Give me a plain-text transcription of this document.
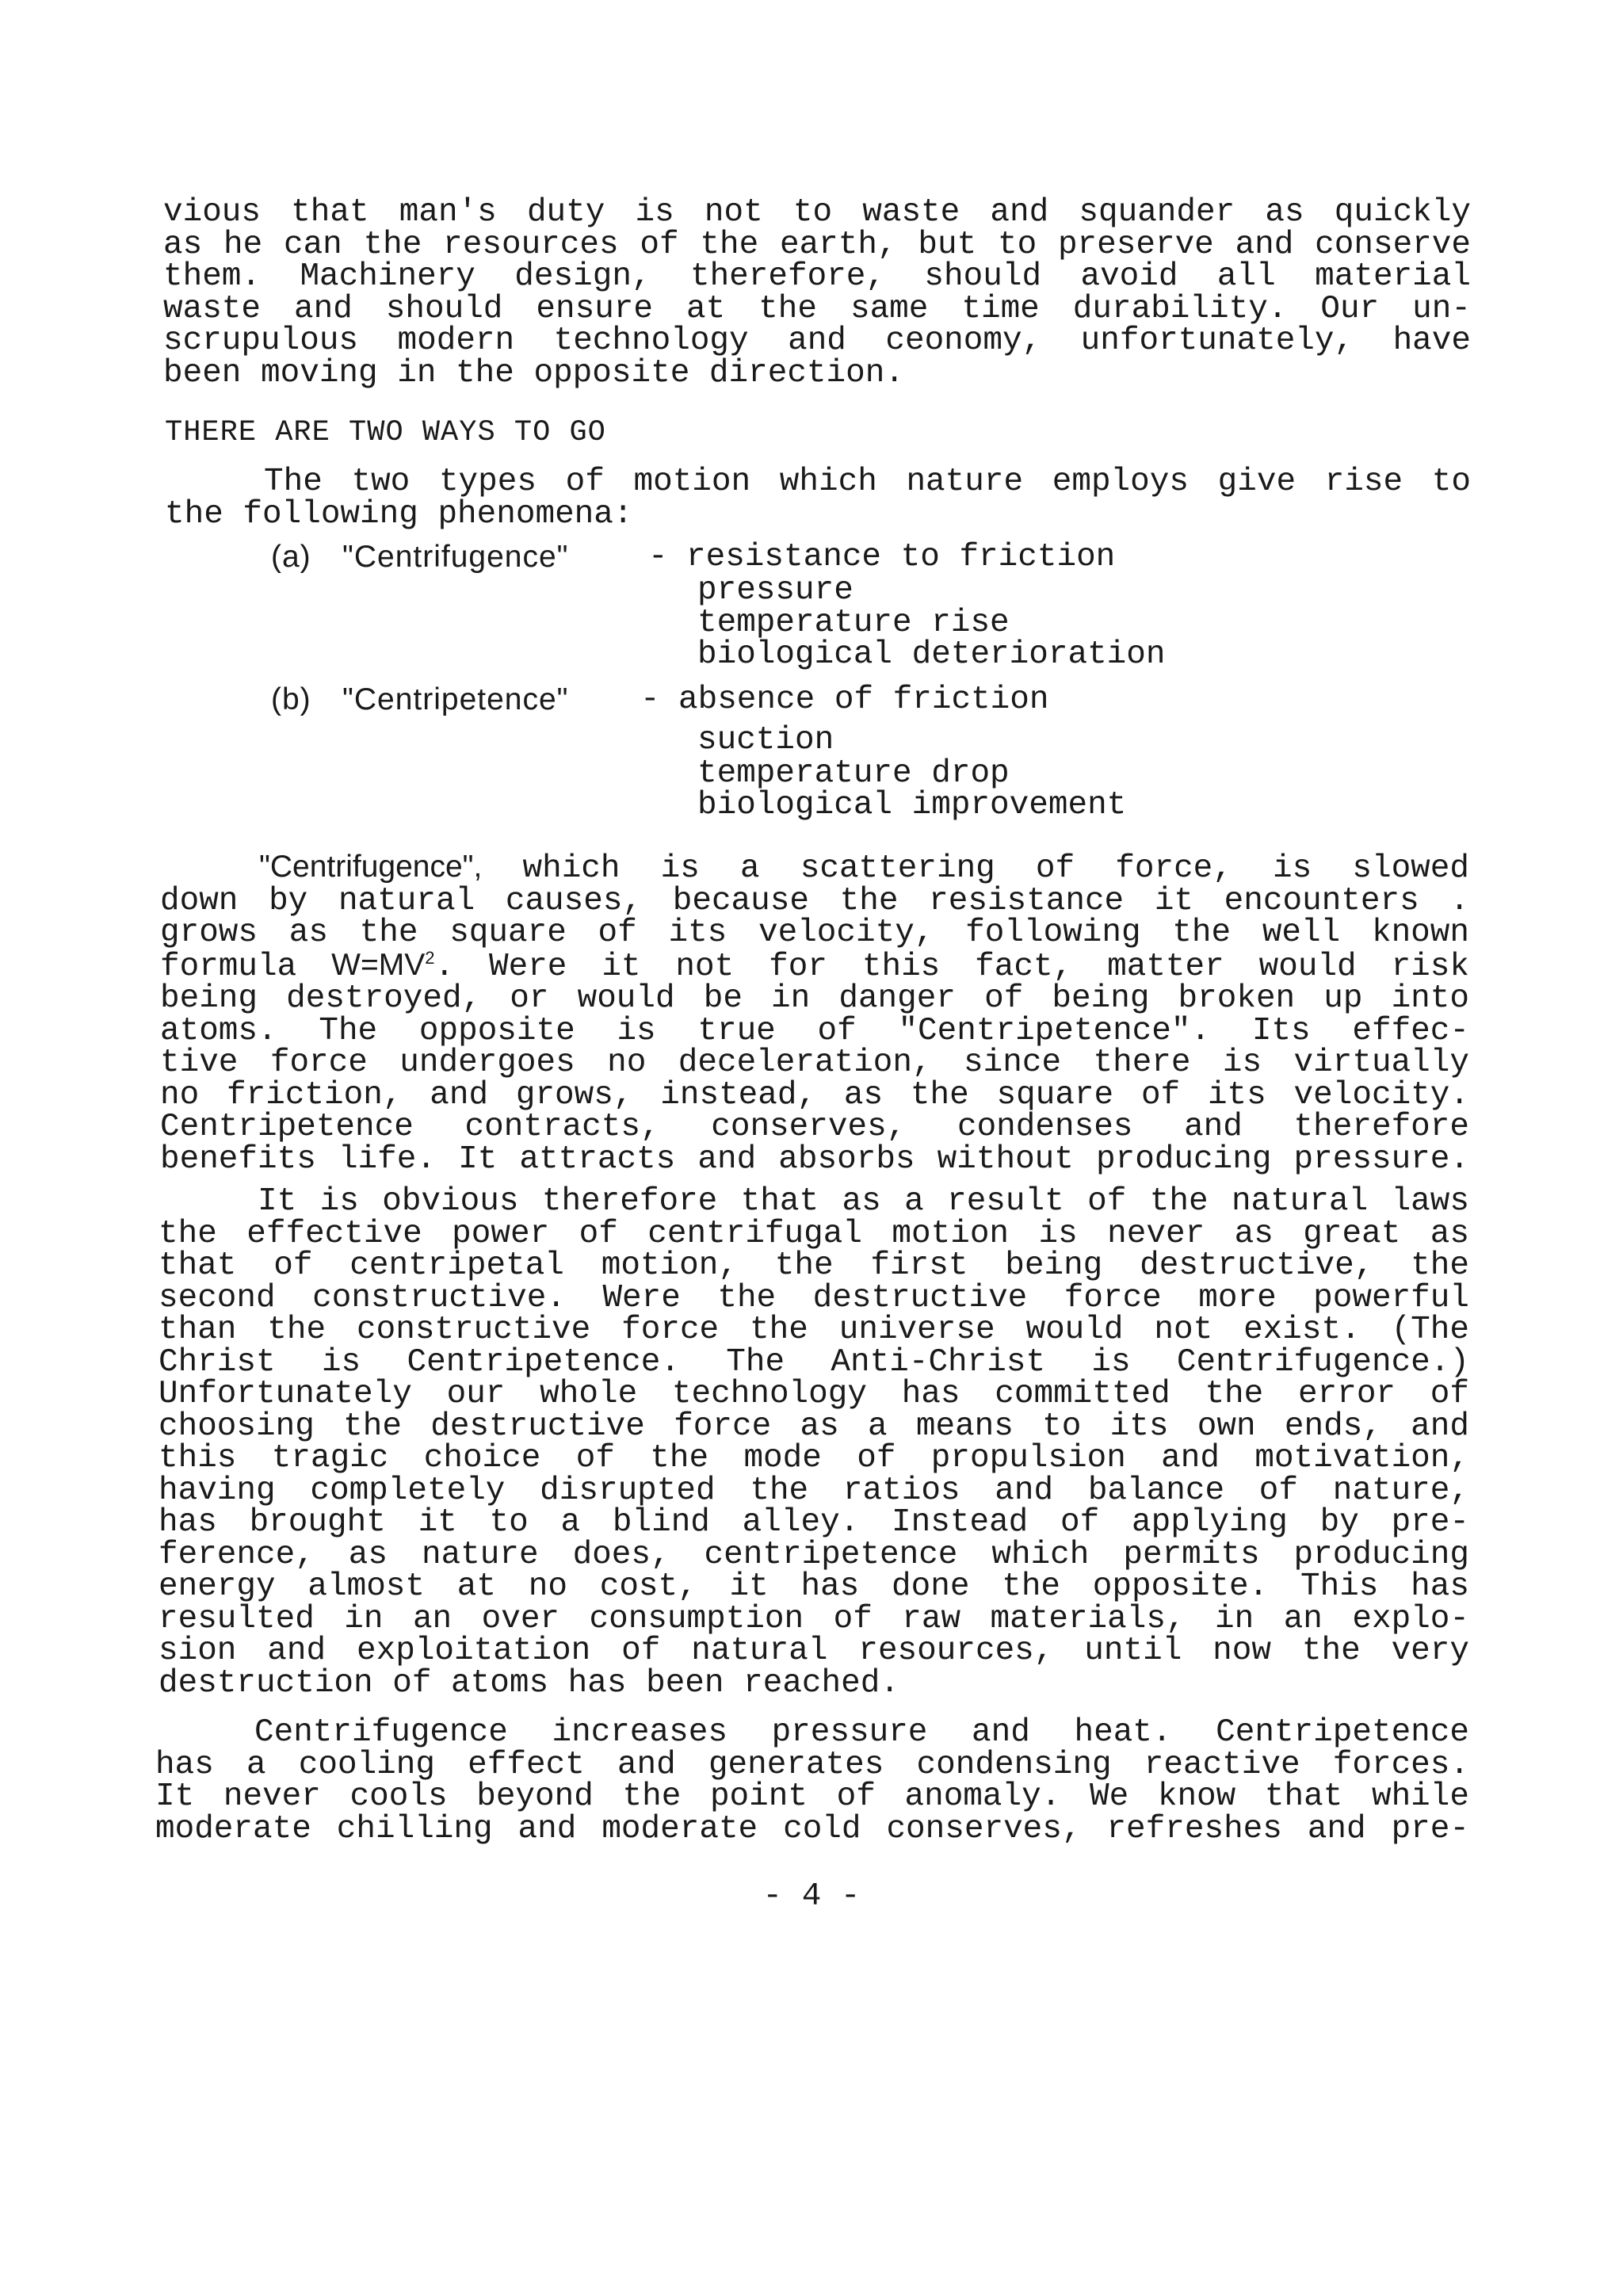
vious that man's duty is not to waste and squander as quickly
as he can the resources of the earth, but to preserve and conserve
them. Machinery design, therefore, should avoid all material
waste and should ensure at the same time durability. Our un-
scrupulous modern technology and ceonomy, unfortunately, have
been moving in the opposite direction.
THERE ARE TWO WAYS TO GO
The two types of motion which nature employs give rise to
the following phenomena:
(a) "Centrifugence" - resistance to friction
pressure
temperature rise
biological deterioration
(b) "Centripetence" - absence of friction
suction
temperature drop
biological improvement
"Centrifugence", which is a scattering of force, is slowed
down by natural causes, because the resistance it encounters .
grows as the square of its velocity, following the well known
formula $W=MV^2$. Were it not for this fact, matter would risk
being destroyed, or would be in danger of being broken up into
atoms. The opposite is true of "Centripetence". Its effec-
tive force undergoes no deceleration, since there is virtually
no friction, and grows, instead, as the square of its velocity.
Centripetence contracts, conserves, condenses and therefore
benefits life. It attracts and absorbs without producing pressure.
It is obvious therefore that as a result of the natural laws
the effective power of centrifugal motion is never as great as
that of centripetal motion, the first being destructive, the
second constructive. Were the destructive force more powerful
than the constructive force the universe would not exist. (The
Christ is Centripetence. The Anti-Christ is Centrifugence.)
Unfortunately our whole technology has committed the error of
choosing the destructive force as a means to its own ends, and
this tragic choice of the mode of propulsion and motivation,
having completely disrupted the ratios and balance of nature,
has brought it to a blind alley. Instead of applying by pre-
ference, as nature does, centripetence which permits producing
energy almost at no cost, it has done the opposite. This has
resulted in an over consumption of raw materials, in an explo-
sion and exploitation of natural resources, until now the very
destruction of atoms has been reached.
Centrifugence increases pressure and heat. Centripetence
has a cooling effect and generates condensing reactive forces.
It never cools beyond the point of anomaly. We know that while
moderate chilling and moderate cold conserves, refreshes and pre-
- 4 -
